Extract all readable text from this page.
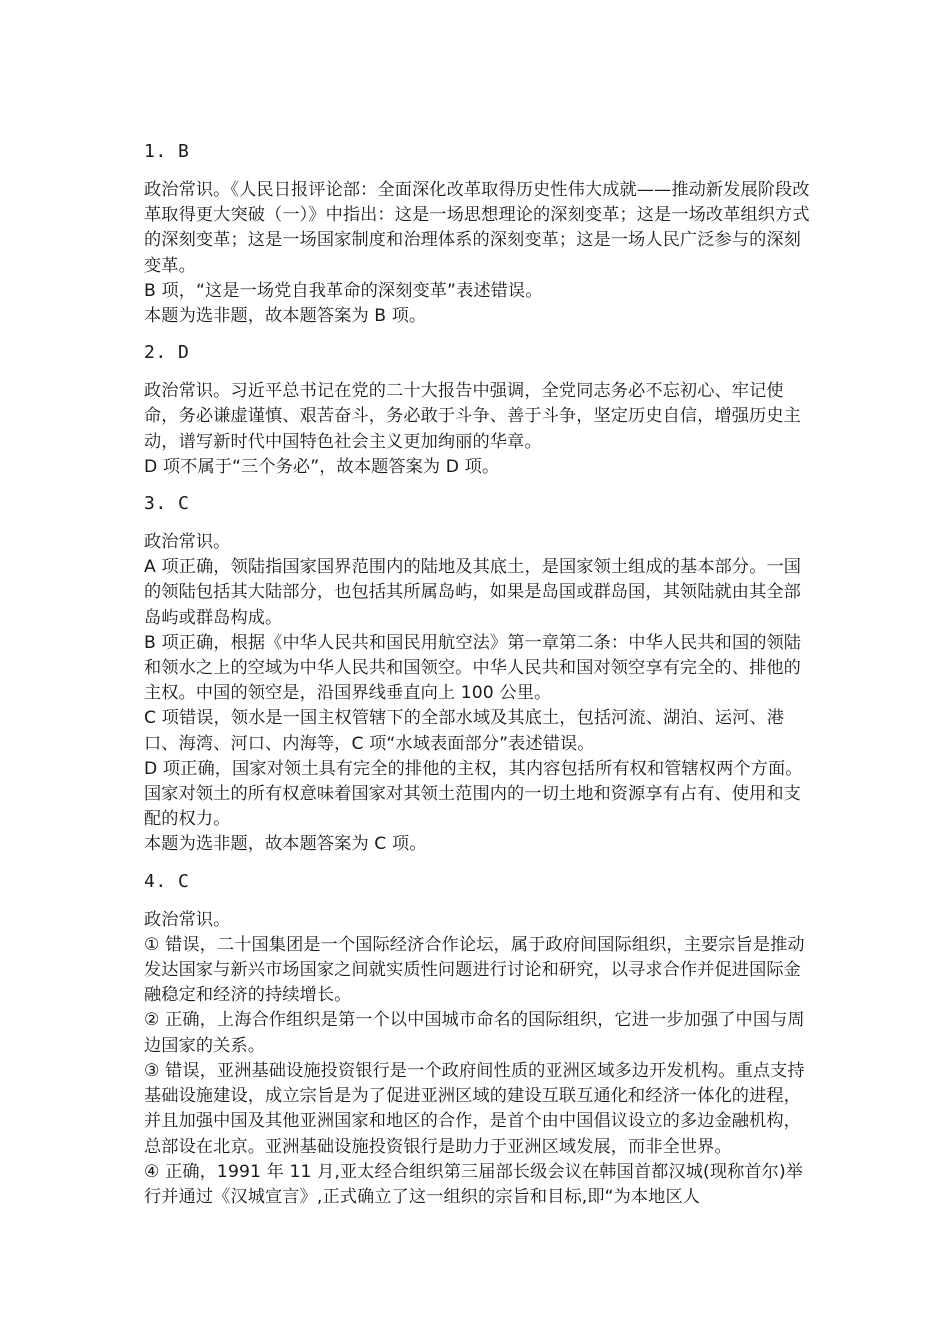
1. B

政治常识。《人民日报评论部：全面深化改革取得历史性伟大成就——推动新发展阶段改革取得更大突破（一）》中指出：这是一场思想理论的深刻变革；这是一场改革组织方式的深刻变革；这是一场国家制度和治理体系的深刻变革；这是一场人民广泛参与的深刻变革。

B 项，“这是一场党自我革命的深刻变革”表述错误。

本题为选非题，故本题答案为 B 项。

2. D

政治常识。习近平总书记在党的二十大报告中强调，全党同志务必不忘初心、牢记使命，务必谦虚谨慎、艰苦奋斗，务必敢于斗争、善于斗争，坚定历史自信，增强历史主动，谱写新时代中国特色社会主义更加绚丽的华章。

D 项不属于“三个务必”，故本题答案为 D 项。

3. C

政治常识。

A 项正确，领陆指国家国界范围内的陆地及其底土，是国家领土组成的基本部分。一国的领陆包括其大陆部分，也包括其所属岛屿，如果是岛国或群岛国，其领陆就由其全部岛屿或群岛构成。

B 项正确，根据《中华人民共和国民用航空法》第一章第二条：中华人民共和国的领陆和领水之上的空域为中华人民共和国领空。中华人民共和国对领空享有完全的、排他的主权。中国的领空是，沿国界线垂直向上 100 公里。

C 项错误，领水是一国主权管辖下的全部水域及其底土，包括河流、湖泊、运河、港口、海湾、河口、内海等，C 项“水域表面部分”表述错误。

D 项正确，国家对领土具有完全的排他的主权，其内容包括所有权和管辖权两个方面。国家对领土的所有权意味着国家对其领土范围内的一切土地和资源享有占有、使用和支配的权力。

本题为选非题，故本题答案为 C 项。

4. C

政治常识。

① 错误，二十国集团是一个国际经济合作论坛，属于政府间国际组织，主要宗旨是推动发达国家与新兴市场国家之间就实质性问题进行讨论和研究，以寻求合作并促进国际金融稳定和经济的持续增长。

② 正确，上海合作组织是第一个以中国城市命名的国际组织，它进一步加强了中国与周边国家的关系。

③ 错误，亚洲基础设施投资银行是一个政府间性质的亚洲区域多边开发机构。重点支持基础设施建设，成立宗旨是为了促进亚洲区域的建设互联互通化和经济一体化的进程，并且加强中国及其他亚洲国家和地区的合作，是首个由中国倡议设立的多边金融机构，总部设在北京。亚洲基础设施投资银行是助力于亚洲区域发展，而非全世界。

④ 正确，1991 年 11 月,亚太经合组织第三届部长级会议在韩国首都汉城(现称首尔)举行并通过《汉城宣言》,正式确立了这一组织的宗旨和目标,即“为本地区人
